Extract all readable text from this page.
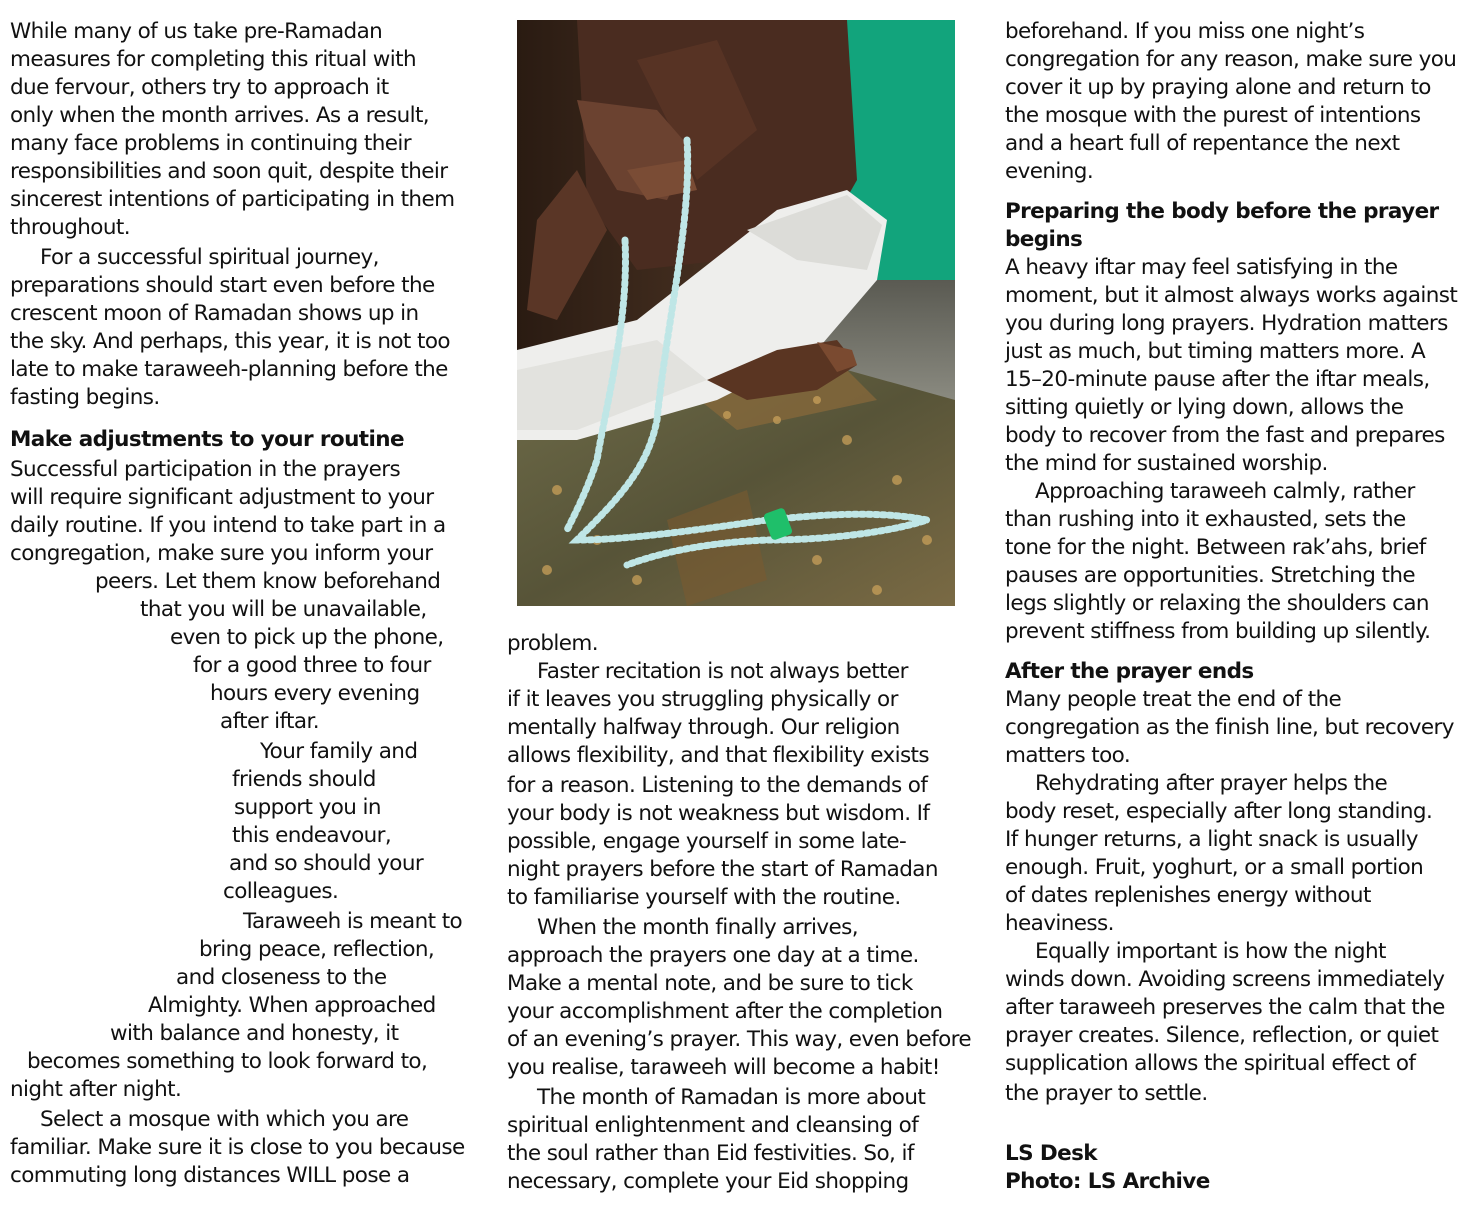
While many of us take pre-Ramadan
measures for completing this ritual with
due fervour, others try to approach it
only when the month arrives. As a result,
many face problems in continuing their
responsibilities and soon quit, despite their
sincerest intentions of participating in them
throughout.
For a successful spiritual journey,
preparations should start even before the
crescent moon of Ramadan shows up in
the sky. And perhaps, this year, it is not too
late to make taraweeh-planning before the
fasting begins.
Make adjustments to your routine
Successful participation in the prayers
will require significant adjustment to your
daily routine. If you intend to take part in a
congregation, make sure you inform your
peers. Let them know beforehand
that you will be unavailable,
even to pick up the phone,
for a good three to four
hours every evening
after iftar.
Your family and
friends should
support you in
this endeavour,
and so should your
colleagues.
Taraweeh is meant to
bring peace, reflection,
and closeness to the
Almighty. When approached
with balance and honesty, it
becomes something to look forward to,
night after night.
Select a mosque with which you are
familiar. Make sure it is close to you because
commuting long distances WILL pose a
problem.
Faster recitation is not always better
if it leaves you struggling physically or
mentally halfway through. Our religion
allows flexibility, and that flexibility exists
for a reason. Listening to the demands of
your body is not weakness but wisdom. If
possible, engage yourself in some late-
night prayers before the start of Ramadan
to familiarise yourself with the routine.
When the month finally arrives,
approach the prayers one day at a time.
Make a mental note, and be sure to tick
your accomplishment after the completion
of an evening’s prayer. This way, even before
you realise, taraweeh will become a habit!
The month of Ramadan is more about
spiritual enlightenment and cleansing of
the soul rather than Eid festivities. So, if
necessary, complete your Eid shopping
beforehand. If you miss one night’s
congregation for any reason, make sure you
cover it up by praying alone and return to
the mosque with the purest of intentions
and a heart full of repentance the next
evening.
Preparing the body before the prayer
begins
A heavy iftar may feel satisfying in the
moment, but it almost always works against
you during long prayers. Hydration matters
just as much, but timing matters more. A
15–20-minute pause after the iftar meals,
sitting quietly or lying down, allows the
body to recover from the fast and prepares
the mind for sustained worship.
Approaching taraweeh calmly, rather
than rushing into it exhausted, sets the
tone for the night. Between rak’ahs, brief
pauses are opportunities. Stretching the
legs slightly or relaxing the shoulders can
prevent stiffness from building up silently.
After the prayer ends
Many people treat the end of the
congregation as the finish line, but recovery
matters too.
Rehydrating after prayer helps the
body reset, especially after long standing.
If hunger returns, a light snack is usually
enough. Fruit, yoghurt, or a small portion
of dates replenishes energy without
heaviness.
Equally important is how the night
winds down. Avoiding screens immediately
after taraweeh preserves the calm that the
prayer creates. Silence, reflection, or quiet
supplication allows the spiritual effect of
the prayer to settle.
LS Desk
Photo: LS Archive
